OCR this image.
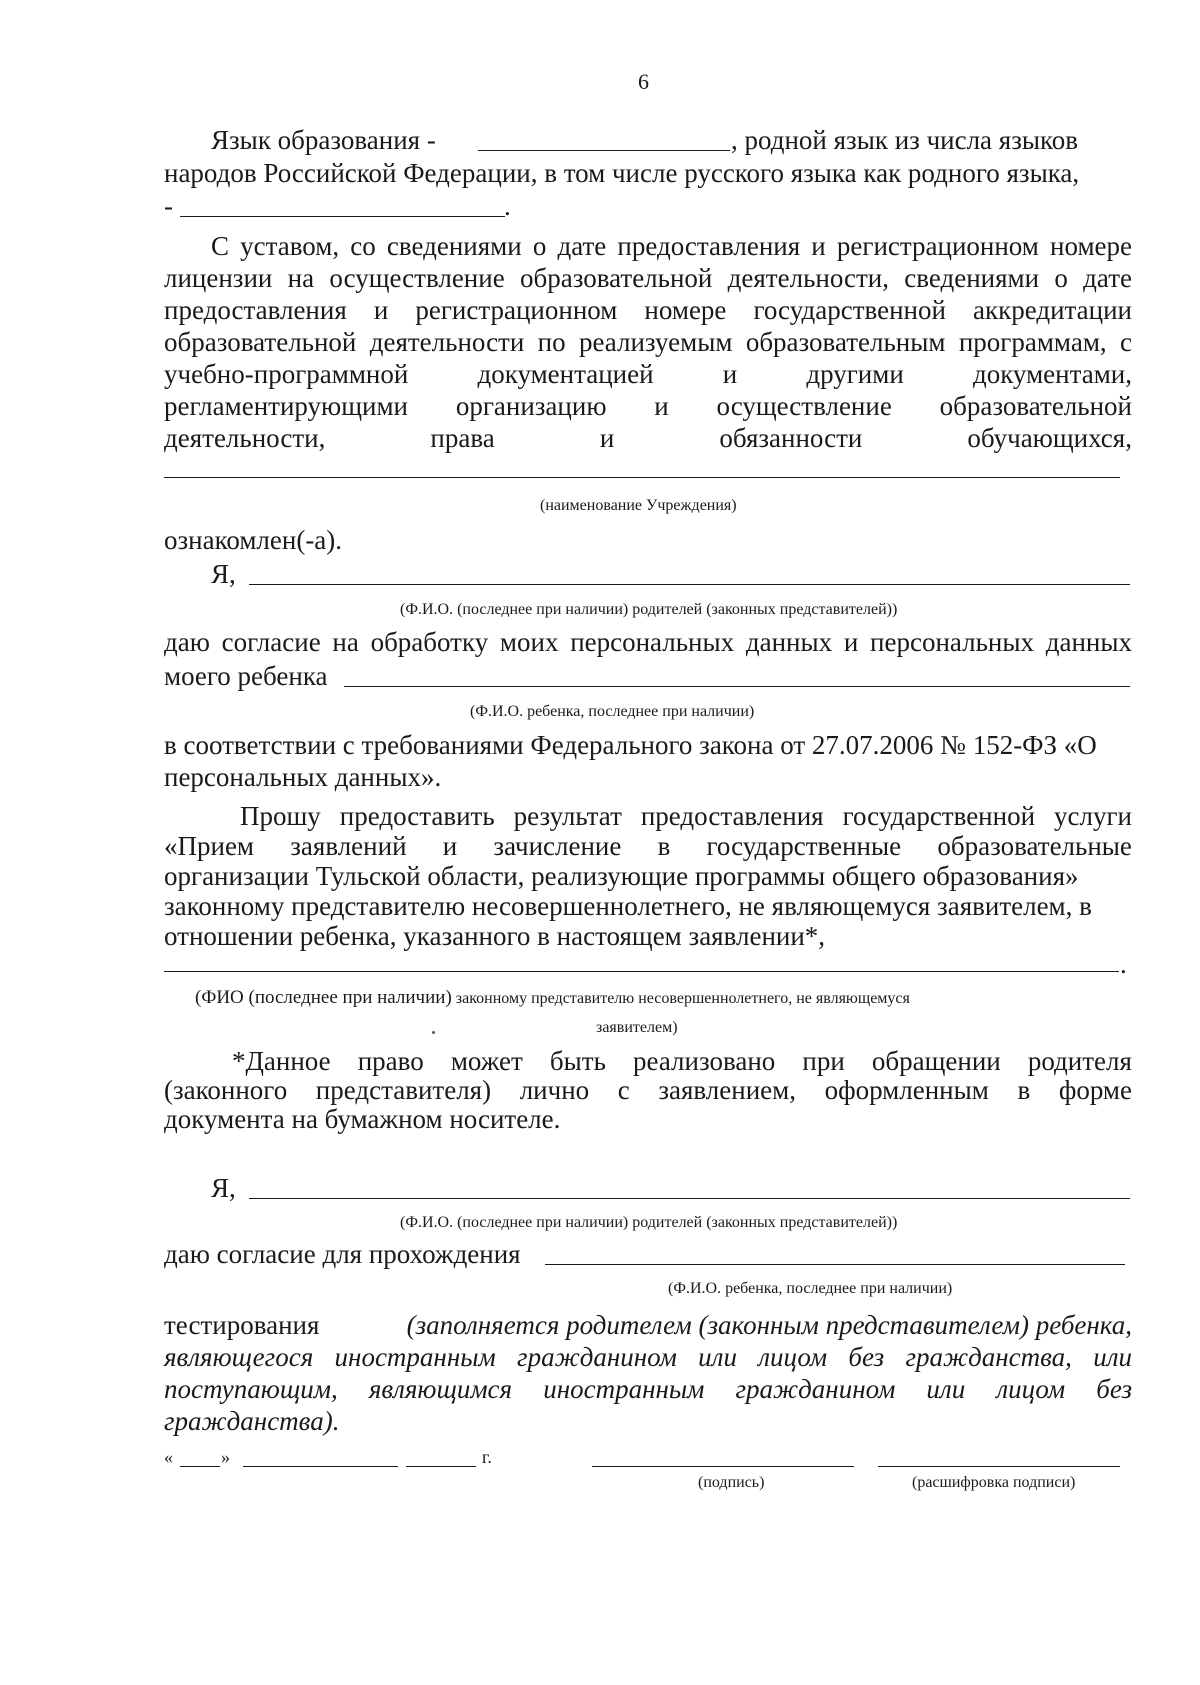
6
Язык образования -	, родной язык из числа языков
народов Российской Федерации, в том числе русского языка как родного языка,
-	.
С уставом, со сведениями о дате предоставления и регистрационном номере
лицензии на осуществление образовательной деятельности, сведениями о дате
предоставления и регистрационном номере государственной аккредитации
образовательной деятельности по реализуемым образовательным программам, с
учебно-программной	документацией	и	другими	документами,
регламентирующими организацию и осуществление образовательной
деятельности,	права	и	обязанности	обучающихся,
(наименование Учреждения)
ознакомлен(-а).
Я,
(Ф.И.О. (последнее при наличии) родителей (законных представителей))
даю согласие на обработку моих персональных данных и персональных данных
моего ребенка
(Ф.И.О. ребенка, последнее при наличии)
в соответствии с требованиями Федерального закона от 27.07.2006 № 152-ФЗ «О
персональных данных».
Прошу предоставить результат предоставления государственной услуги
«Прием заявлений и зачисление в государственные образовательные
организации Тульской области, реализующие программы общего образования»
законному представителю несовершеннолетнего, не являющемуся заявителем, в
отношении ребенка, указанного в настоящем заявлении*,
.
(ФИО (последнее при наличии) законному представителю несовершеннолетнего, не являющемуся
заявителем)
*Данное право может быть реализовано при обращении родителя
(законного представителя) лично с заявлением, оформленным в форме
документа на бумажном носителе.
Я,
(Ф.И.О. (последнее при наличии) родителей (законных представителей))
даю согласие для прохождения
(Ф.И.О. ребенка, последнее при наличии)
тестирования	(заполняется родителем (законным представителем) ребенка,
являющегося иностранным гражданином или лицом без гражданства, или
поступающим, являющимся иностранным гражданином или лицом без
гражданства).
«	»	г.
(подпись)	(расшифровка подписи)
